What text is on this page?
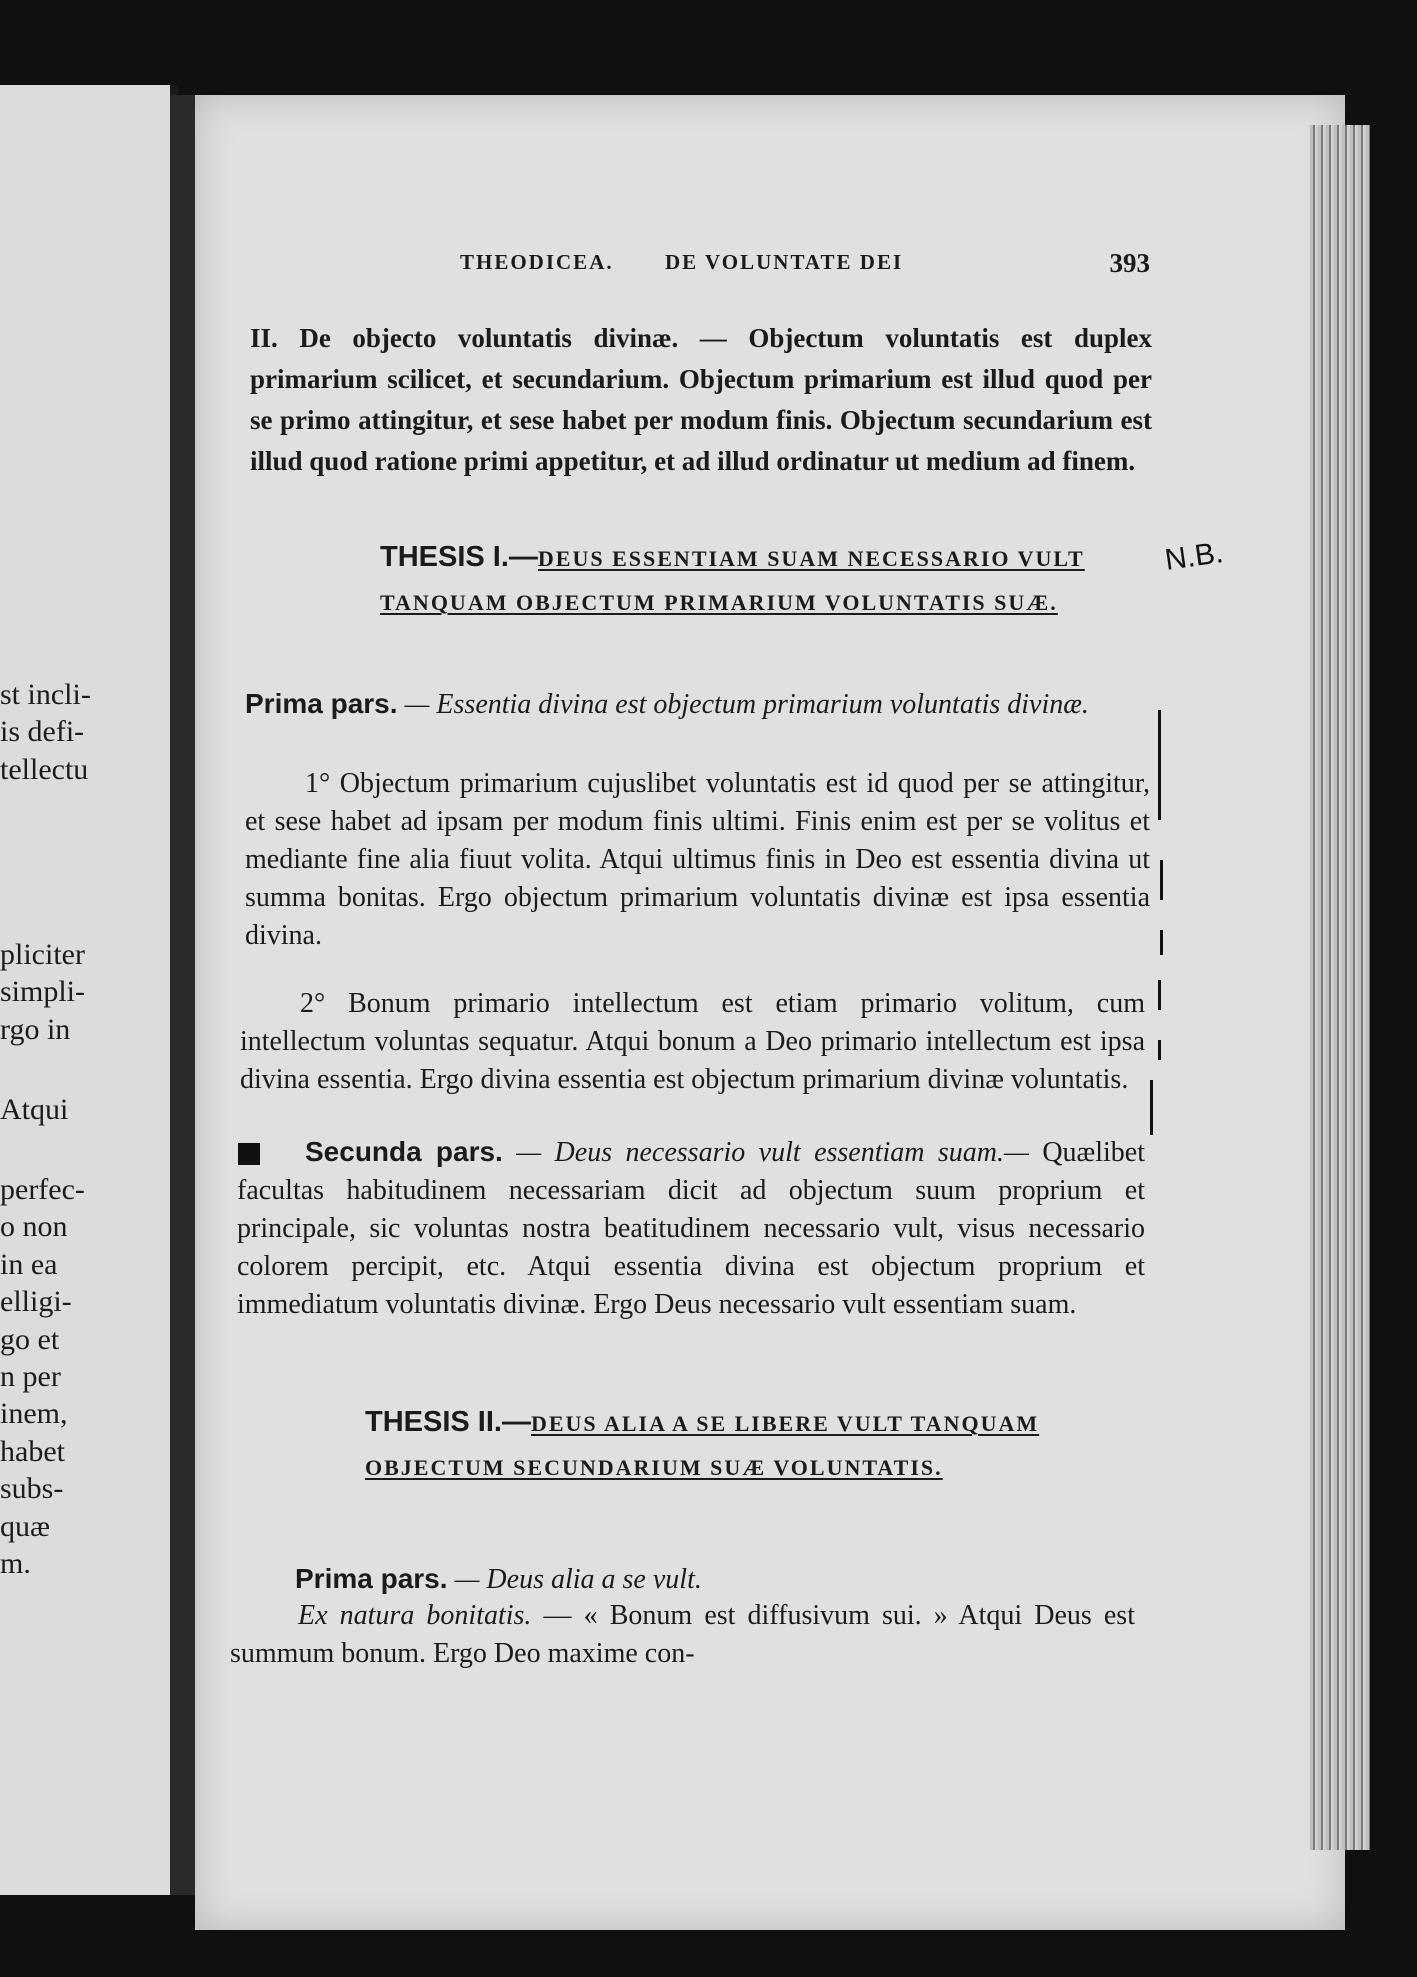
st incli-
is defi-
tellectu
pliciter
simpli-
rgo in
Atqui
perfec-
o non
in ea
elligi-
go et
n per
inem,
habet
subs-
quæ
m.
THEODICEA. DE VOLUNTATE DEI	393
II. De objecto voluntatis divinæ. — Objectum voluntatis est duplex primarium scilicet, et secundarium. Objectum primarium est illud quod per se primo attingitur, et sese habet per modum finis. Objectum secundarium est illud quod ratione primi appetitur, et ad illud ordinatur ut medium ad finem.
THESIS I.—DEUS ESSENTIAM SUAM NECESSARIO VULT TANQUAM OBJECTUM PRIMARIUM VOLUNTATIS SUÆ.
N.B.
Prima pars. — Essentia divina est objectum primarium voluntatis divinæ.
1° Objectum primarium cujuslibet voluntatis est id quod per se attingitur, et sese habet ad ipsam per modum finis ultimi. Finis enim est per se volitus et mediante fine alia fiuut volita. Atqui ultimus finis in Deo est essentia divina ut summa bonitas. Ergo objectum primarium voluntatis divinæ est ipsa essentia divina.
2° Bonum primario intellectum est etiam primario volitum, cum intellectum voluntas sequatur. Atqui bonum a Deo primario intellectum est ipsa divina essentia. Ergo divina essentia est objectum primarium divinæ voluntatis.
Secunda pars. — Deus necessario vult essentiam suam.— Quælibet facultas habitudinem necessariam dicit ad objectum suum proprium et principale, sic voluntas nostra beatitudinem necessario vult, visus necessario colorem percipit, etc. Atqui essentia divina est objectum proprium et immediatum voluntatis divinæ. Ergo Deus necessario vult essentiam suam.
THESIS II.—DEUS ALIA A SE LIBERE VULT TANQUAM OBJECTUM SECUNDARIUM SUÆ VOLUNTATIS.
Prima pars. — Deus alia a se vult.
Ex natura bonitatis. — « Bonum est diffusivum sui. » Atqui Deus est summum bonum. Ergo Deo maxime con-
